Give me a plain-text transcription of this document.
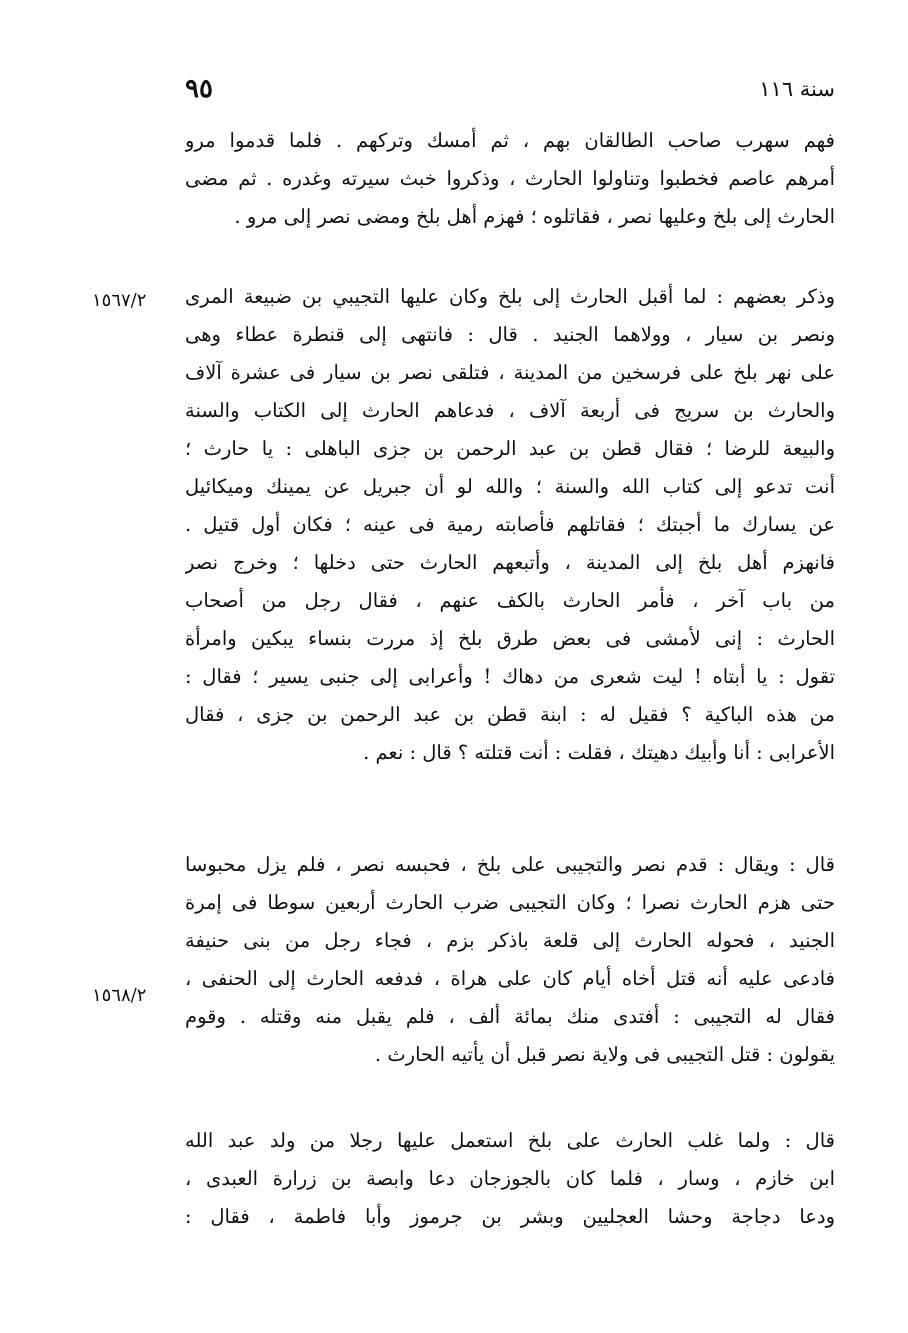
سنة ١١٦
٩٥
١٥٦٧/٢
١٥٦٨/٢
فهم سهرب صاحب الطالقان بهم ، ثم أمسك وتركهم . فلما قدموا مرو
أمرهم عاصم فخطبوا وتناولوا الحارث ، وذكروا خبث سيرته وغدره . ثم مضى
الحارث إلى بلخ وعليها نصر ، فقاتلوه ؛ فهزم أهل بلخ ومضى نصر إلى مرو .
وذكر بعضهم : لما أقبل الحارث إلى بلخ وكان عليها التجيبي بن ضبيعة المرى
ونصر بن سيار ، وولاهما الجنيد . قال : فانتهى إلى قنطرة عطاء وهى
على نهر بلخ على فرسخين من المدينة ، فتلقى نصر بن سيار فى عشرة آلاف
والحارث بن سريج فى أربعة آلاف ، فدعاهم الحارث إلى الكتاب والسنة
والبيعة للرضا ؛ فقال قطن بن عبد الرحمن بن جزى الباهلى : يا حارث ؛
أنت تدعو إلى كتاب الله والسنة ؛ والله لو أن جبريل عن يمينك وميكائيل
عن يسارك ما أجبتك ؛ فقاتلهم فأصابته رمية فى عينه ؛ فكان أول قتيل .
فانهزم أهل بلخ إلى المدينة ، وأتبعهم الحارث حتى دخلها ؛ وخرج نصر
من باب آخر ، فأمر الحارث بالكف عنهم ، فقال رجل من أصحاب
الحارث : إنى لأمشى فى بعض طرق بلخ إذ مررت بنساء يبكين وامرأة
تقول : يا أبتاه ! ليت شعرى من دهاك ! وأعرابى إلى جنبى يسير ؛ فقال :
من هذه الباكية ؟ فقيل له : ابنة قطن بن عبد الرحمن بن جزى ، فقال
الأعرابى : أنا وأبيك دهيتك ، فقلت : أنت قتلته ؟ قال : نعم .
قال : ويقال : قدم نصر والتجيبى على بلخ ، فحبسه نصر ، فلم يزل محبوسا
حتى هزم الحارث نصرا ؛ وكان التجيبى ضرب الحارث أربعين سوطا فى إمرة
الجنيد ، فحوله الحارث إلى قلعة باذكر بزم ، فجاء رجل من بنى حنيفة
فادعى عليه أنه قتل أخاه أيام كان على هراة ، فدفعه الحارث إلى الحنفى ،
فقال له التجيبى : أفتدى منك بمائة ألف ، فلم يقبل منه وقتله . وقوم
يقولون : قتل التجيبى فى ولاية نصر قبل أن يأتيه الحارث .
قال : ولما غلب الحارث على بلخ استعمل عليها رجلا من ولد عبد الله
ابن خازم ، وسار ، فلما كان بالجوزجان دعا وابصة بن زرارة العبدى ،
ودعا دجاجة وحشا العجليين وبشر بن جرموز وأبا فاطمة ، فقال :
